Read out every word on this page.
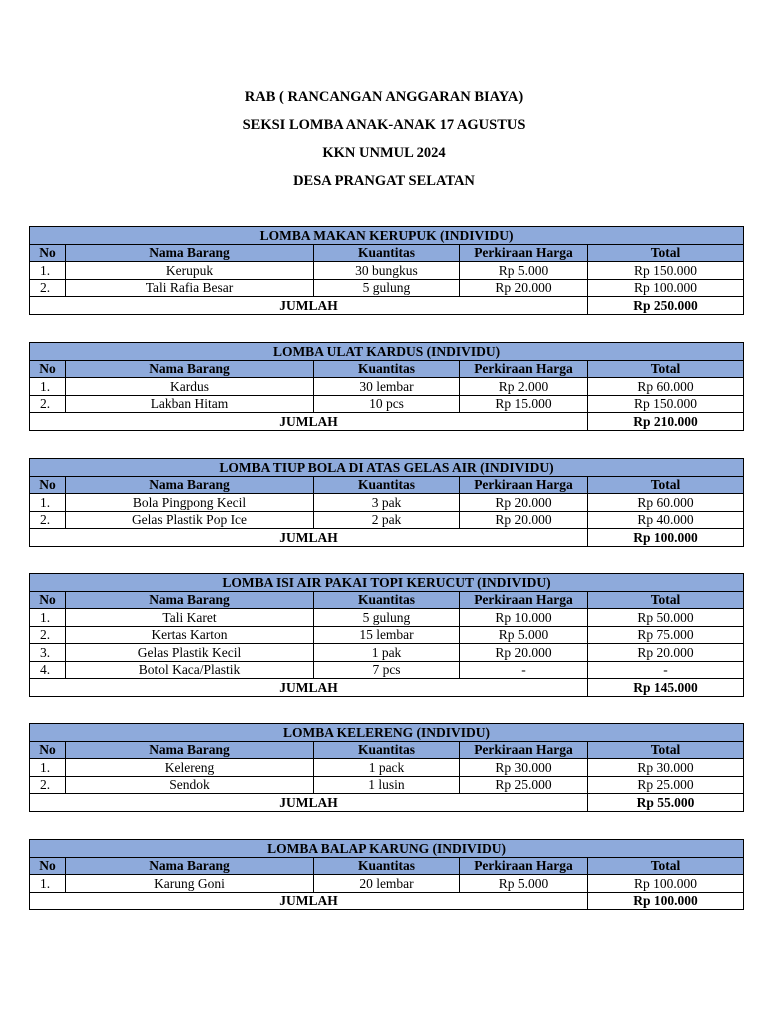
RAB ( RANCANGAN ANGGARAN BIAYA)
SEKSI LOMBA ANAK-ANAK 17 AGUSTUS
KKN UNMUL 2024
DESA PRANGAT SELATAN
LOMBA MAKAN KERUPUK (INDIVIDU)				
No	Nama Barang	Kuantitas	Perkiraan Harga	Total
1.	Kerupuk	30 bungkus	Rp 5.000	Rp 150.000
2.	Tali Rafia Besar	5 gulung	Rp 20.000	Rp 100.000
JUMLAH				Rp 250.000
LOMBA ULAT KARDUS (INDIVIDU)				
No	Nama Barang	Kuantitas	Perkiraan Harga	Total
1.	Kardus	30 lembar	Rp 2.000	Rp 60.000
2.	Lakban Hitam	10 pcs	Rp 15.000	Rp 150.000
JUMLAH				Rp 210.000
LOMBA TIUP BOLA DI ATAS GELAS AIR (INDIVIDU)				
No	Nama Barang	Kuantitas	Perkiraan Harga	Total
1.	Bola Pingpong Kecil	3 pak	Rp 20.000	Rp 60.000
2.	Gelas Plastik Pop Ice	2 pak	Rp 20.000	Rp 40.000
JUMLAH				Rp 100.000
LOMBA ISI AIR PAKAI TOPI KERUCUT (INDIVIDU)				
No	Nama Barang	Kuantitas	Perkiraan Harga	Total
1.	Tali Karet	5 gulung	Rp 10.000	Rp 50.000
2.	Kertas Karton	15 lembar	Rp 5.000	Rp 75.000
3.	Gelas Plastik Kecil	1 pak	Rp 20.000	Rp 20.000
4.	Botol Kaca/Plastik	7 pcs	-	-
JUMLAH				Rp 145.000
LOMBA KELERENG (INDIVIDU)				
No	Nama Barang	Kuantitas	Perkiraan Harga	Total
1.	Kelereng	1 pack	Rp 30.000	Rp 30.000
2.	Sendok	1 lusin	Rp 25.000	Rp 25.000
JUMLAH				Rp 55.000
LOMBA BALAP KARUNG (INDIVIDU)				
No	Nama Barang	Kuantitas	Perkiraan Harga	Total
1.	Karung Goni	20 lembar	Rp 5.000	Rp 100.000
JUMLAH				Rp 100.000
